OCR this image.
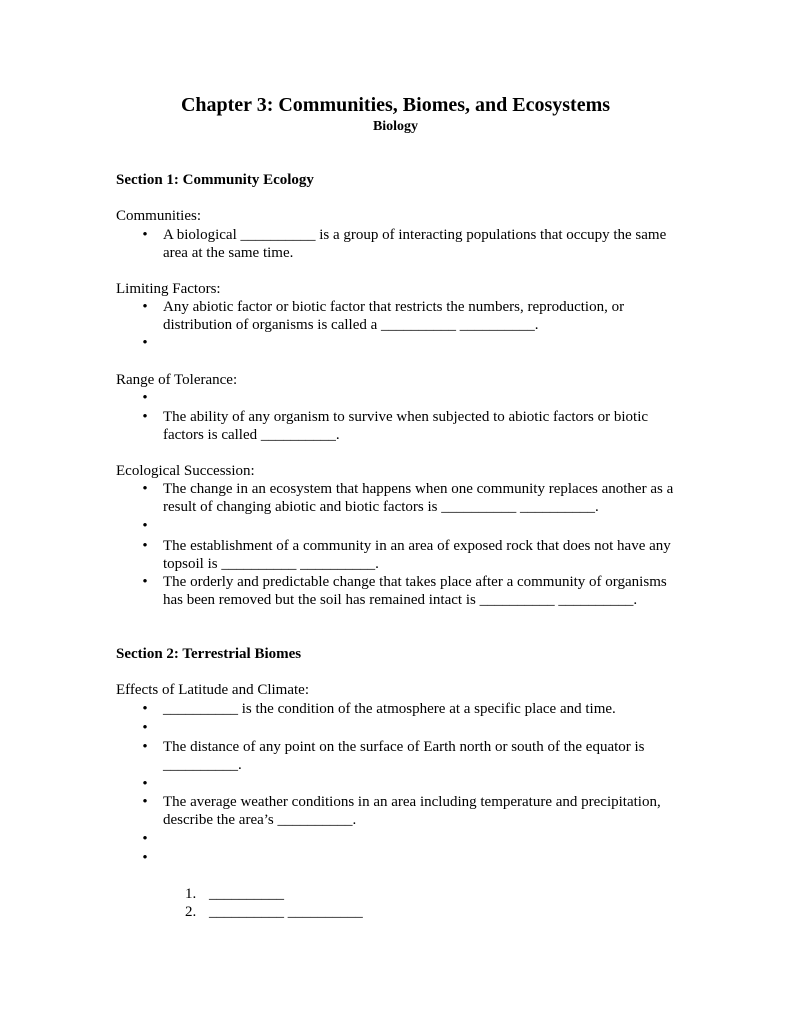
Chapter 3: Communities, Biomes, and Ecosystems
Biology
Section 1: Community Ecology
Communities:
• A biological __________ is a group of interacting populations that occupy the same area at the same time.
Limiting Factors:
• Any abiotic factor or biotic factor that restricts the numbers, reproduction, or distribution of organisms is called a __________ __________.
•
Range of Tolerance:
•
• The ability of any organism to survive when subjected to abiotic factors or biotic factors is called __________.
Ecological Succession:
• The change in an ecosystem that happens when one community replaces another as a result of changing abiotic and biotic factors is __________ __________.
•
• The establishment of a community in an area of exposed rock that does not have any topsoil is __________ __________.
• The orderly and predictable change that takes place after a community of organisms has been removed but the soil has remained intact is __________ __________.
Section 2: Terrestrial Biomes
Effects of Latitude and Climate:
• __________ is the condition of the atmosphere at a specific place and time.
•
• The distance of any point on the surface of Earth north or south of the equator is __________.
•
• The average weather conditions in an area including temperature and precipitation, describe the area’s __________.
•
•
1. __________
2. __________ __________
